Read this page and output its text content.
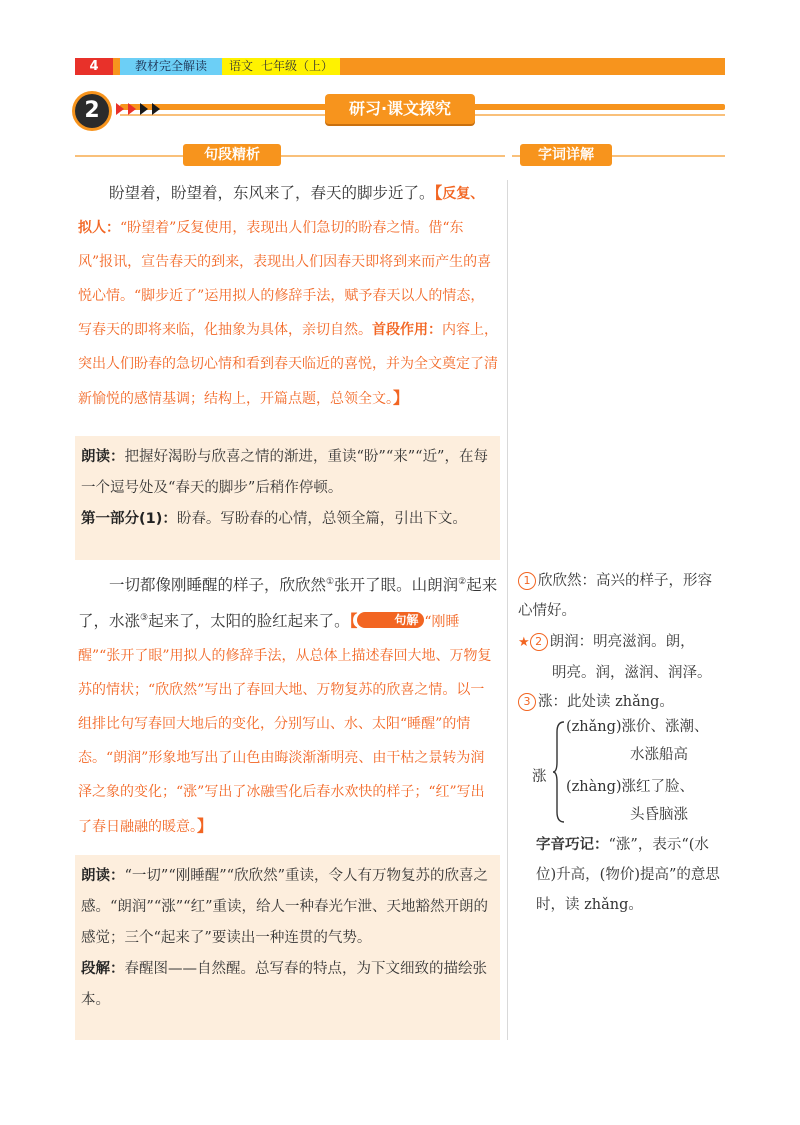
4	教材完全解读	语文 七年级（上）
2	研习·课文探究
句段精析	字词详解
盼望着，盼望着，东风来了，春天的脚步近了。【反复、拟人：“盼望着”反复使用，表现出人们急切的盼春之情。借“东风”报讯，宣告春天的到来，表现出人们因春天即将到来而产生的喜悦心情。“脚步近了”运用拟人的修辞手法，赋予春天以人的情态，写春天的即将来临，化抽象为具体，亲切自然。首段作用：内容上，突出人们盼春的急切心情和看到春天临近的喜悦，并为全文奠定了清新愉悦的感情基调；结构上，开篇点题，总领全文。】
朗读：把握好渴盼与欣喜之情的渐进，重读“盼”“来”“近”，在每一个逗号处及“春天的脚步”后稍作停顿。
第一部分(1)：盼春。写盼春的心情，总领全篇，引出下文。
一切都像刚睡醒的样子，欣欣然①张开了眼。山朗润②起来了，水涨③起来了，太阳的脸红起来了。【	句解 “刚睡醒”“张开了眼”用拟人的修辞手法，从总体上描述春回大地、万物复苏的情状；“欣欣然”写出了春回大地、万物复苏的欣喜之情。以一组排比句写春回大地后的变化，分别写山、水、太阳“睡醒”的情态。“朗润”形象地写出了山色由晦淡渐渐明亮、由干枯之景转为润泽之象的变化；“涨”写出了冰融雪化后春水欢快的样子；“红”写出了春日融融的暖意。】
朗读：“一切”“刚睡醒”“欣欣然”重读，令人有万物复苏的欣喜之感。“朗润”“涨”“红”重读，给人一种春光乍泄、天地豁然开朗的感觉；三个“起来了”要读出一种连贯的气势。
段解：春醒图——自然醒。总写春的特点，为下文细致的描绘张本。
1 欣欣然：高兴的样子，形容心情好。
★ 2 朗润：明亮滋润。朗，
明亮。润，滋润、润泽。
3 涨：此处读 zhǎng。
涨
(zhǎng)涨价、涨潮、
水涨船高
(zhàng)涨红了脸、
头昏脑涨
字音巧记：“涨”，表示“(水位)升高，(物价)提高”的意思时，读 zhǎng。
